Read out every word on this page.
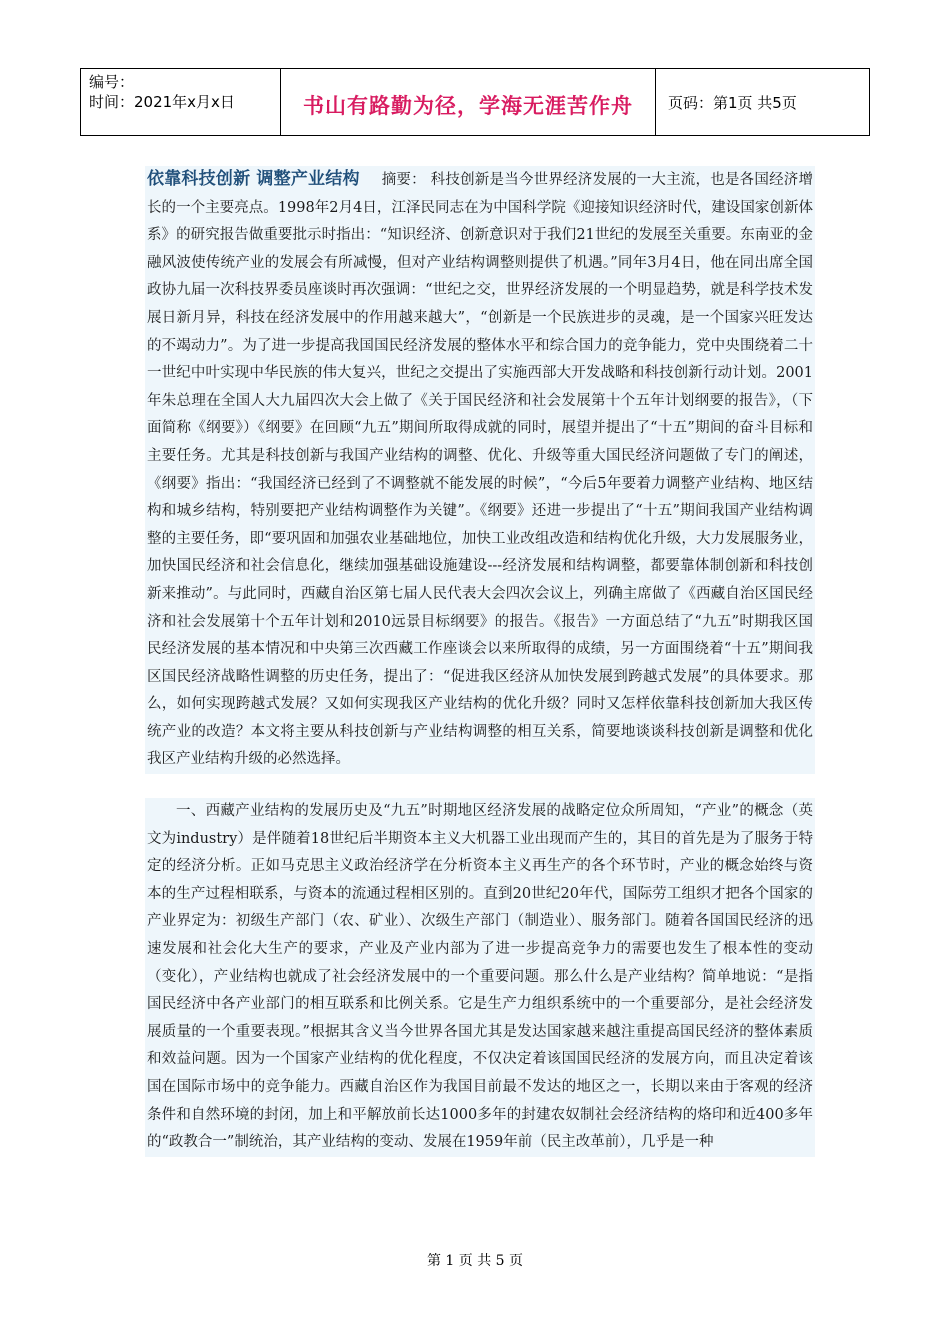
编号：
时间：2021年x月x日	书山有路勤为径，学海无涯苦作舟 页码：第1页 共5页

依靠科技创新 调整产业结构 摘要： 科技创新是当今世界经济发展的一大主流，也是各国经济增长的一个主要亮点。1998年2月4日，江泽民同志在为中国科学院《迎接知识经济时代，建设国家创新体系》的研究报告做重要批示时指出：“知识经济、创新意识对于我们21世纪的发展至关重要。东南亚的金融风波使传统产业的发展会有所减慢，但对产业结构调整则提供了机遇。”同年3月4日，他在同出席全国政协九届一次科技界委员座谈时再次强调：“世纪之交，世界经济发展的一个明显趋势，就是科学技术发展日新月异，科技在经济发展中的作用越来越大”，“创新是一个民族进步的灵魂，是一个国家兴旺发达的不竭动力”。为了进一步提高我国国民经济发展的整体水平和综合国力的竞争能力，党中央围绕着二十一世纪中叶实现中华民族的伟大复兴，世纪之交提出了实施西部大开发战略和科技创新行动计划。2001年朱总理在全国人大九届四次大会上做了《关于国民经济和社会发展第十个五年计划纲要的报告》，（下面简称《纲要》）《纲要》在回顾“九五”期间所取得成就的同时，展望并提出了“十五”期间的奋斗目标和主要任务。尤其是科技创新与我国产业结构的调整、优化、升级等重大国民经济问题做了专门的阐述，《纲要》指出：“我国经济已经到了不调整就不能发展的时候”，“今后5年要着力调整产业结构、地区结构和城乡结构，特别要把产业结构调整作为关键”。《纲要》还进一步提出了“十五”期间我国产业结构调整的主要任务，即“要巩固和加强农业基础地位，加快工业改组改造和结构优化升级，大力发展服务业，加快国民经济和社会信息化，继续加强基础设施建设---经济发展和结构调整，都要靠体制创新和科技创新来推动”。与此同时，西藏自治区第七届人民代表大会四次会议上，列确主席做了《西藏自治区国民经济和社会发展第十个五年计划和2010远景目标纲要》的报告。《报告》一方面总结了“九五”时期我区国民经济发展的基本情况和中央第三次西藏工作座谈会以来所取得的成绩，另一方面围绕着“十五”期间我区国民经济战略性调整的历史任务，提出了：“促进我区经济从加快发展到跨越式发展”的具体要求。那么，如何实现跨越式发展？又如何实现我区产业结构的优化升级？同时又怎样依靠科技创新加大我区传统产业的改造？本文将主要从科技创新与产业结构调整的相互关系，简要地谈谈科技创新是调整和优化我区产业结构升级的必然选择。

一、西藏产业结构的发展历史及“九五”时期地区经济发展的战略定位众所周知，“产业”的概念（英文为industry）是伴随着18世纪后半期资本主义大机器工业出现而产生的，其目的首先是为了服务于特定的经济分析。正如马克思主义政治经济学在分析资本主义再生产的各个环节时，产业的概念始终与资本的生产过程相联系，与资本的流通过程相区别的。直到20世纪20年代，国际劳工组织才把各个国家的产业界定为：初级生产部门（农、矿业）、次级生产部门（制造业）、服务部门。随着各国国民经济的迅速发展和社会化大生产的要求，产业及产业内部为了进一步提高竞争力的需要也发生了根本性的变动（变化），产业结构也就成了社会经济发展中的一个重要问题。那么什么是产业结构？简单地说：“是指国民经济中各产业部门的相互联系和比例关系。它是生产力组织系统中的一个重要部分，是社会经济发展质量的一个重要表现。”根据其含义当今世界各国尤其是发达国家越来越注重提高国民经济的整体素质和效益问题。因为一个国家产业结构的优化程度，不仅决定着该国国民经济的发展方向，而且决定着该国在国际市场中的竞争能力。西藏自治区作为我国目前最不发达的地区之一，长期以来由于客观的经济条件和自然环境的封闭，加上和平解放前长达1000多年的封建农奴制社会经济结构的烙印和近400多年的“政教合一”制统治，其产业结构的变动、发展在1959年前（民主改革前），几乎是一种

第 1 页 共 5 页
